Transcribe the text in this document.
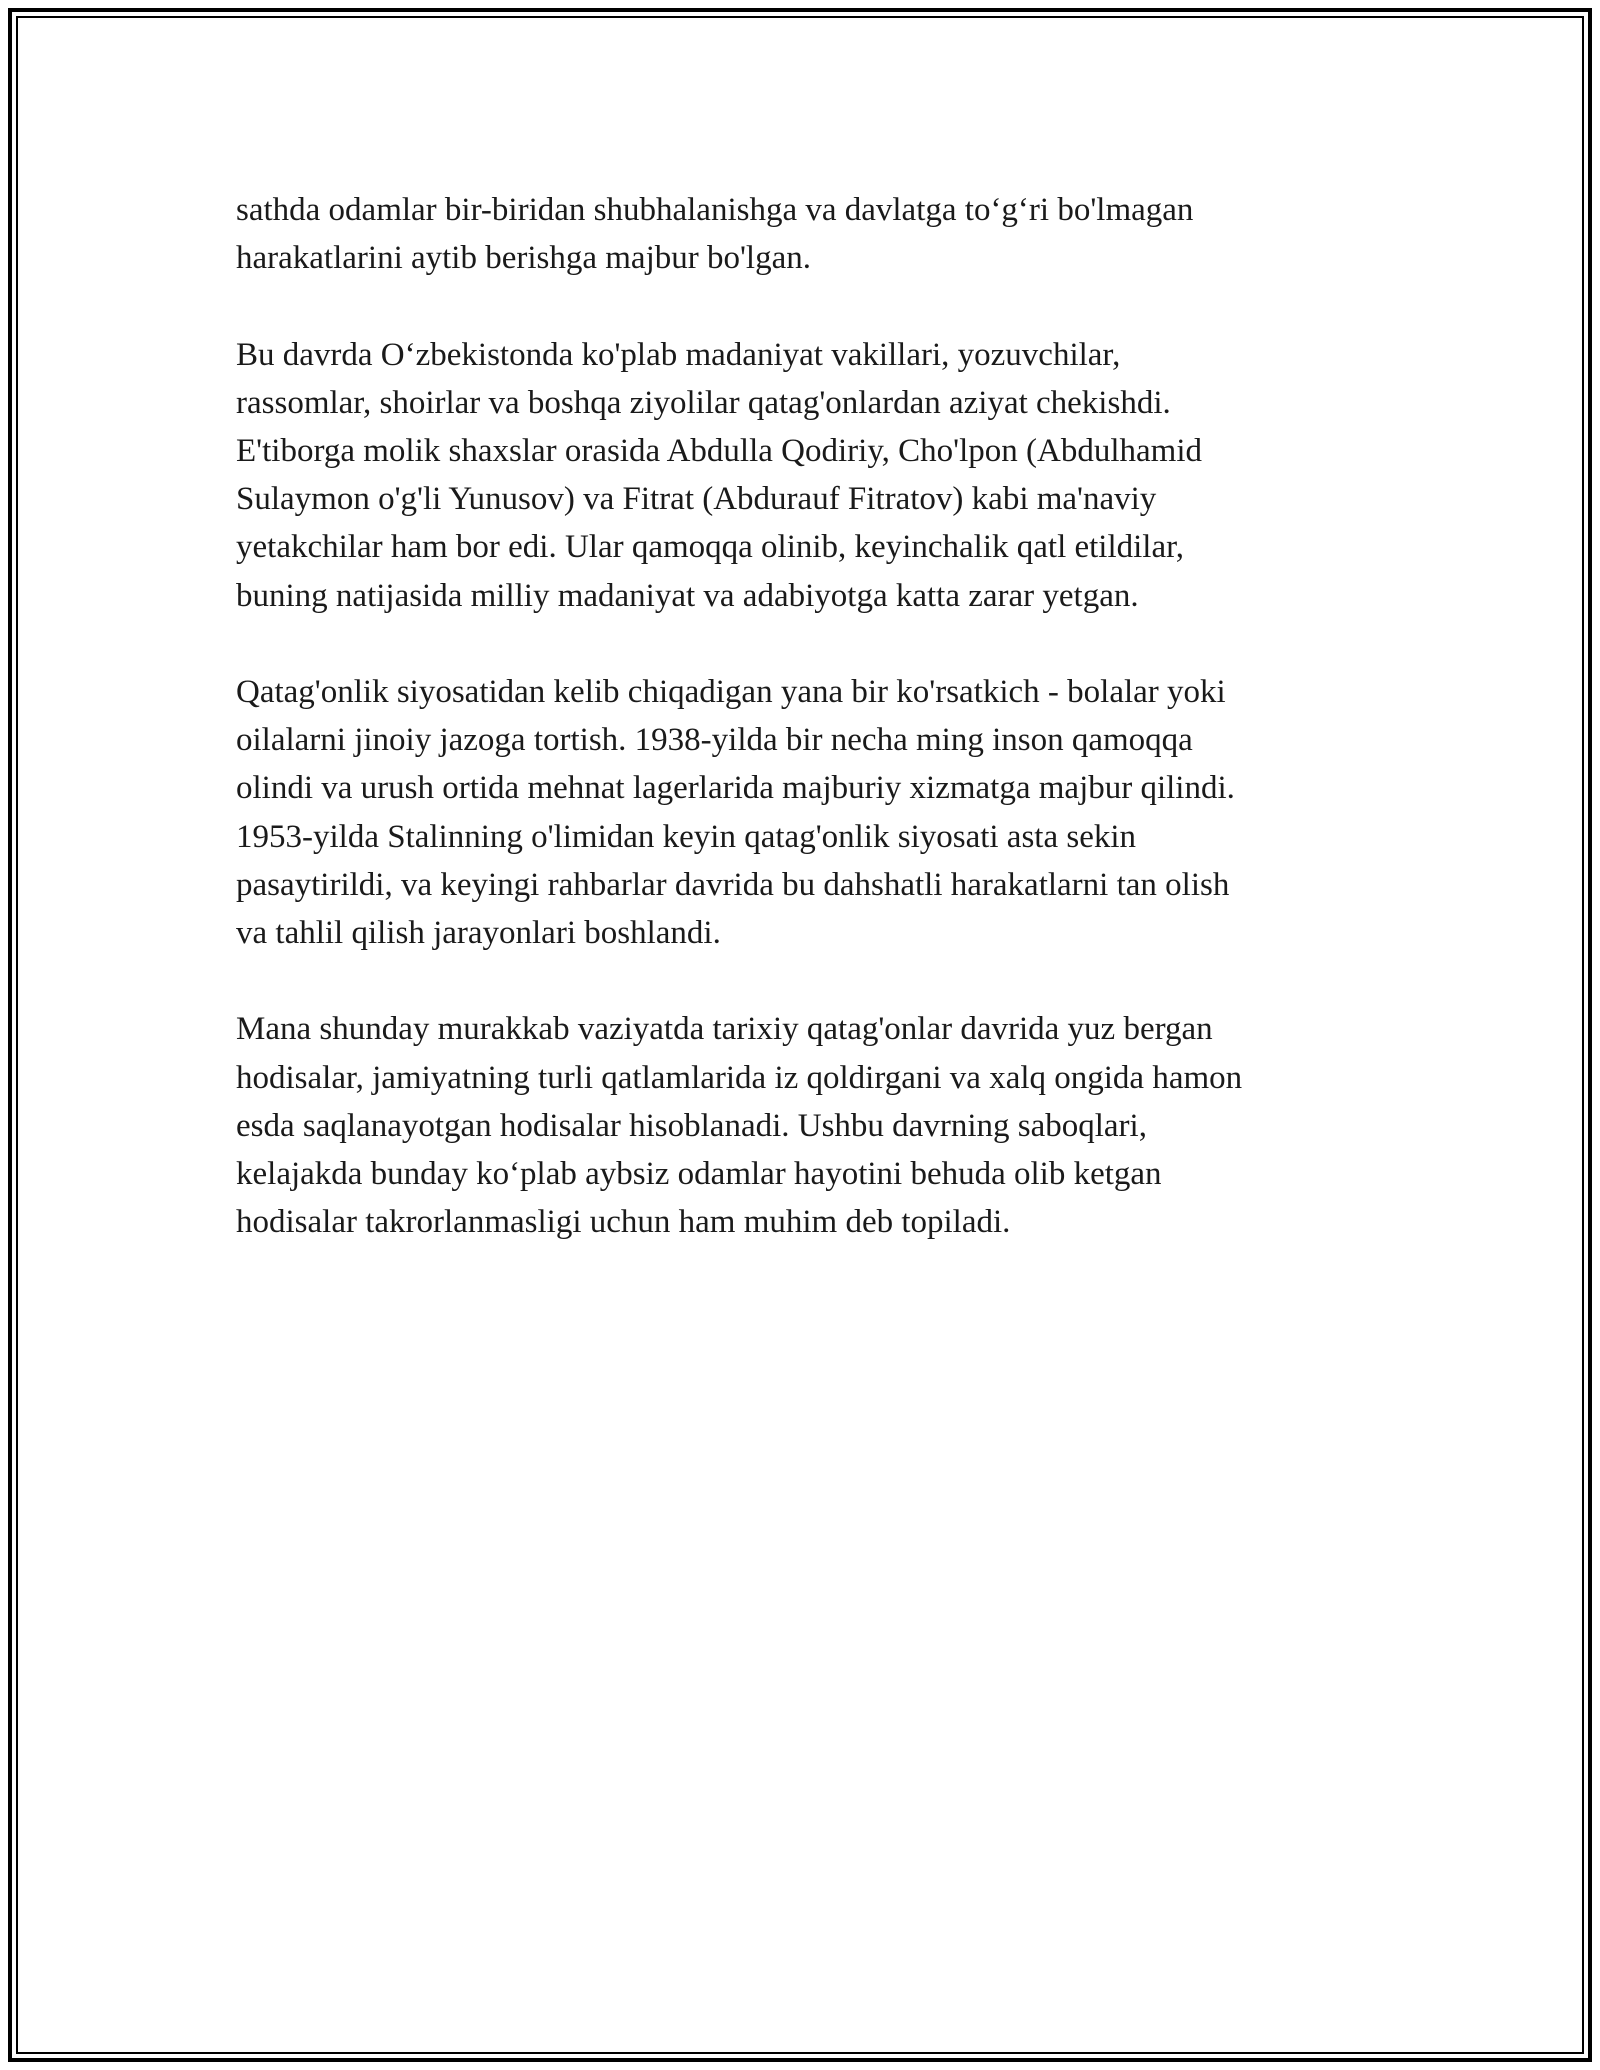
sathda odamlar bir-biridan shubhalanishga va davlatga to‘g‘ri bo'lmagan
harakatlarini aytib berishga majbur bo'lgan.

Bu davrda O‘zbekistonda ko'plab madaniyat vakillari, yozuvchilar,
rassomlar, shoirlar va boshqa ziyolilar qatag'onlardan aziyat chekishdi.
E'tiborga molik shaxslar orasida Abdulla Qodiriy, Cho'lpon (Abdulhamid
Sulaymon o'g'li Yunusov) va Fitrat (Abdurauf Fitratov) kabi ma'naviy
yetakchilar ham bor edi. Ular qamoqqa olinib, keyinchalik qatl etildilar,
buning natijasida milliy madaniyat va adabiyotga katta zarar yetgan.

Qatag'onlik siyosatidan kelib chiqadigan yana bir ko'rsatkich - bolalar yoki
oilalarni jinoiy jazoga tortish. 1938-yilda bir necha ming inson qamoqqa
olindi va urush ortida mehnat lagerlarida majburiy xizmatga majbur qilindi.
1953-yilda Stalinning o'limidan keyin qatag'onlik siyosati asta sekin
pasaytirildi, va keyingi rahbarlar davrida bu dahshatli harakatlarni tan olish
va tahlil qilish jarayonlari boshlandi.

Mana shunday murakkab vaziyatda tarixiy qatag'onlar davrida yuz bergan
hodisalar, jamiyatning turli qatlamlarida iz qoldirgani va xalq ongida hamon
esda saqlanayotgan hodisalar hisoblanadi. Ushbu davrning saboqlari,
kelajakda bunday ko‘plab aybsiz odamlar hayotini behuda olib ketgan
hodisalar takrorlanmasligi uchun ham muhim deb topiladi.
